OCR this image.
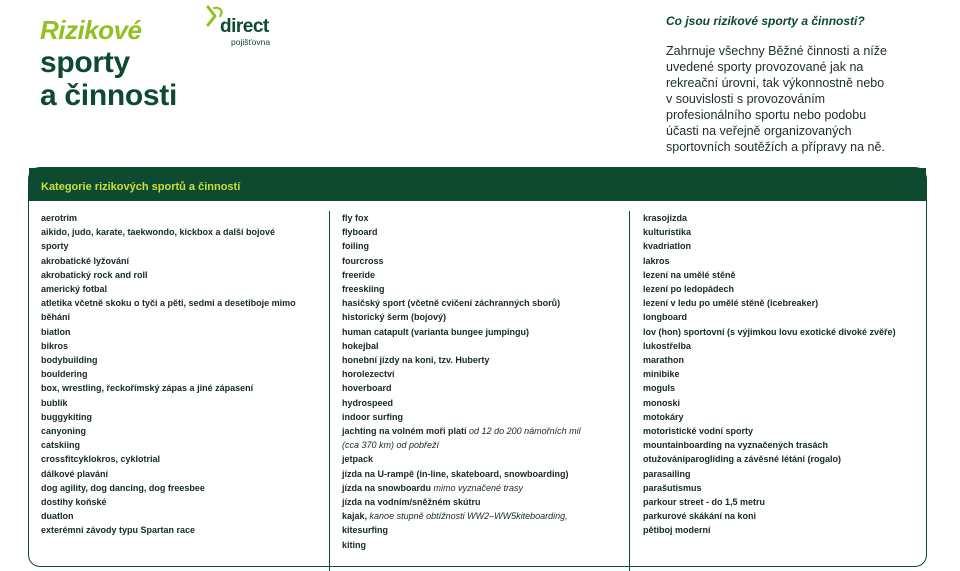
Rizikové
sporty
a činnosti
direct
pojišťovna
Co jsou rizikové sporty a činnosti?
Zahrnuje všechny Běžné činnosti a níže
uvedené sporty provozované jak na
rekreační úrovni, tak výkonnostně nebo
v souvislosti s provozováním
profesionálního sportu nebo podobu
účasti na veřejně organizovaných
sportovních soutěžích a přípravy na ně.
Kategorie rizikových sportů a činností
aerotrim
aikido, judo, karate, taekwondo, kickbox a další bojové
sporty
akrobatické lyžování
akrobatický rock and roll
americký fotbal
atletika včetně skoku o tyči a pěti, sedmi a desetiboje mimo
běhání
biatlon
bikros
bodybuilding
bouldering
box, wrestling, řeckořímský zápas a jiné zápasení
bublík
buggykiting
canyoning
catskiing
crossfitcyklokros, cyklotrial
dálkové plavání
dog agility, dog dancing, dog freesbee
dostihy koňské
duatlon
exterémní závody typu Spartan race
fly fox
flyboard
foiling
fourcross
freeride
freeskiing
hasičský sport (včetně cvičení záchranných sborů)
historický šerm (bojový)
human catapult (varianta bungee jumpingu)
hokejbal
honební jízdy na koni, tzv. Huberty
horolezectví
hoverboard
hydrospeed
indoor surfing
jachting na volném moři platí od 12 do 200 námořních mil
(cca 370 km) od pobřeží
jetpack
jízda na U-rampě (in-line, skateboard, snowboarding)
jízda na snowboardu mimo vyznačené trasy
jízda na vodním/sněžném skútru
kajak, kanoe stupně obtížnosti WW2–WW5kiteboarding,
kitesurfing
kiting
krasojízda
kulturistika
kvadriatlon
lakros
lezení na umělé stěně
lezení po ledopádech
lezení v ledu po umělé stěně (icebreaker)
longboard
lov (hon) sportovní (s výjimkou lovu exotické divoké zvěře)
lukostřelba
marathon
minibike
moguls
monoski
motokáry
motoristické vodní sporty
mountainboarding na vyznačených trasách
otužováníparogliding a závěsné létání (rogalo)
parasailing
parašutismus
parkour street - do 1,5 metru
parkurové skákání na koni
pětiboj moderní
